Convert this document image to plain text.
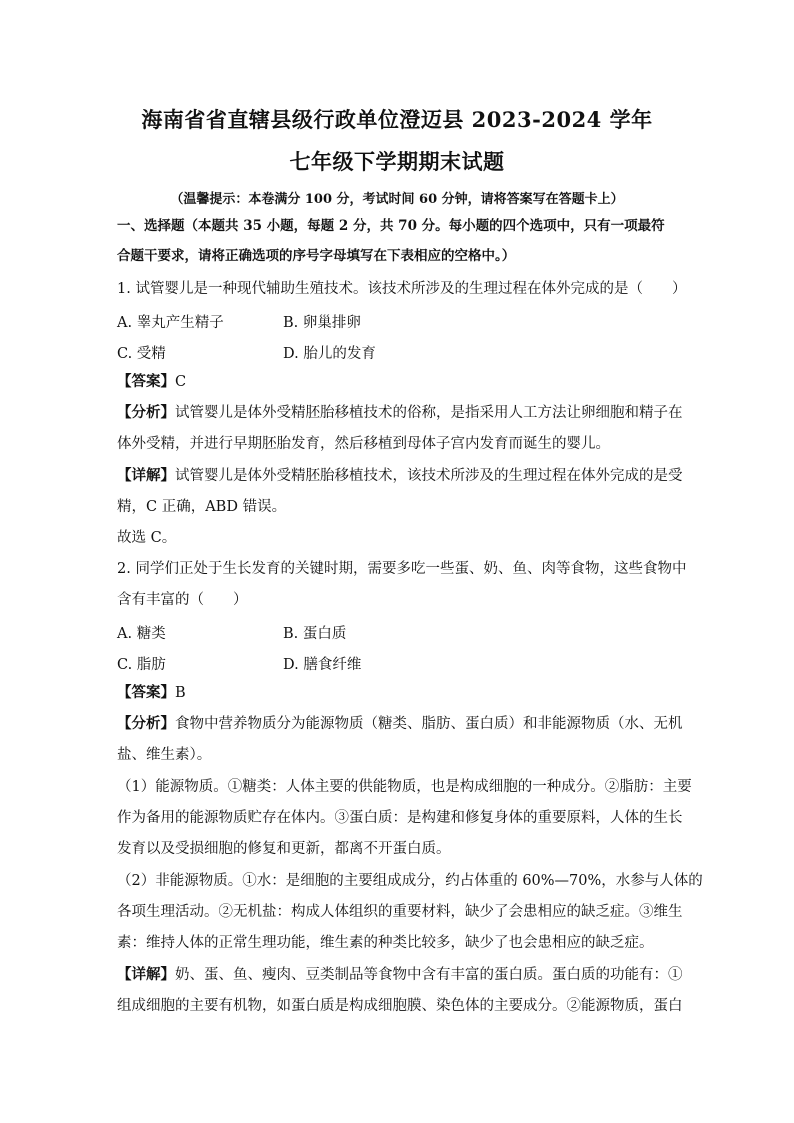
海南省省直辖县级行政单位澄迈县 2023-2024 学年
七年级下学期期末试题
（温馨提示：本卷满分 100 分，考试时间 60 分钟，请将答案写在答题卡上）
一、选择题（本题共 35 小题，每题 2 分，共 70 分。每小题的四个选项中，只有一项最符
合题干要求，请将正确选项的序号字母填写在下表相应的空格中。）
1. 试管婴儿是一种现代辅助生殖技术。该技术所涉及的生理过程在体外完成的是（　　）
A. 睾丸产生精子	B. 卵巢排卵
C. 受精	D. 胎儿的发育
【答案】C
【分析】试管婴儿是体外受精胚胎移植技术的俗称，是指采用人工方法让卵细胞和精子在
体外受精，并进行早期胚胎发育，然后移植到母体子宫内发育而诞生的婴儿。
【详解】试管婴儿是体外受精胚胎移植技术，该技术所涉及的生理过程在体外完成的是受
精，C 正确，ABD 错误。
故选 C。
2. 同学们正处于生长发育的关键时期，需要多吃一些蛋、奶、鱼、肉等食物，这些食物中
含有丰富的（　　）
A. 糖类	B. 蛋白质
C. 脂肪	D. 膳食纤维
【答案】B
【分析】食物中营养物质分为能源物质（糖类、脂肪、蛋白质）和非能源物质（水、无机
盐、维生素）。
（1）能源物质。①糖类：人体主要的供能物质，也是构成细胞的一种成分。②脂肪：主要
作为备用的能源物质贮存在体内。③蛋白质：是构建和修复身体的重要原料，人体的生长
发育以及受损细胞的修复和更新，都离不开蛋白质。
（2）非能源物质。①水：是细胞的主要组成成分，约占体重的 60%—70%，水参与人体的
各项生理活动。②无机盐：构成人体组织的重要材料，缺少了会患相应的缺乏症。③维生
素：维持人体的正常生理功能，维生素的种类比较多，缺少了也会患相应的缺乏症。
【详解】奶、蛋、鱼、瘦肉、豆类制品等食物中含有丰富的蛋白质。蛋白质的功能有：①
组成细胞的主要有机物，如蛋白质是构成细胞膜、染色体的主要成分。②能源物质，蛋白
